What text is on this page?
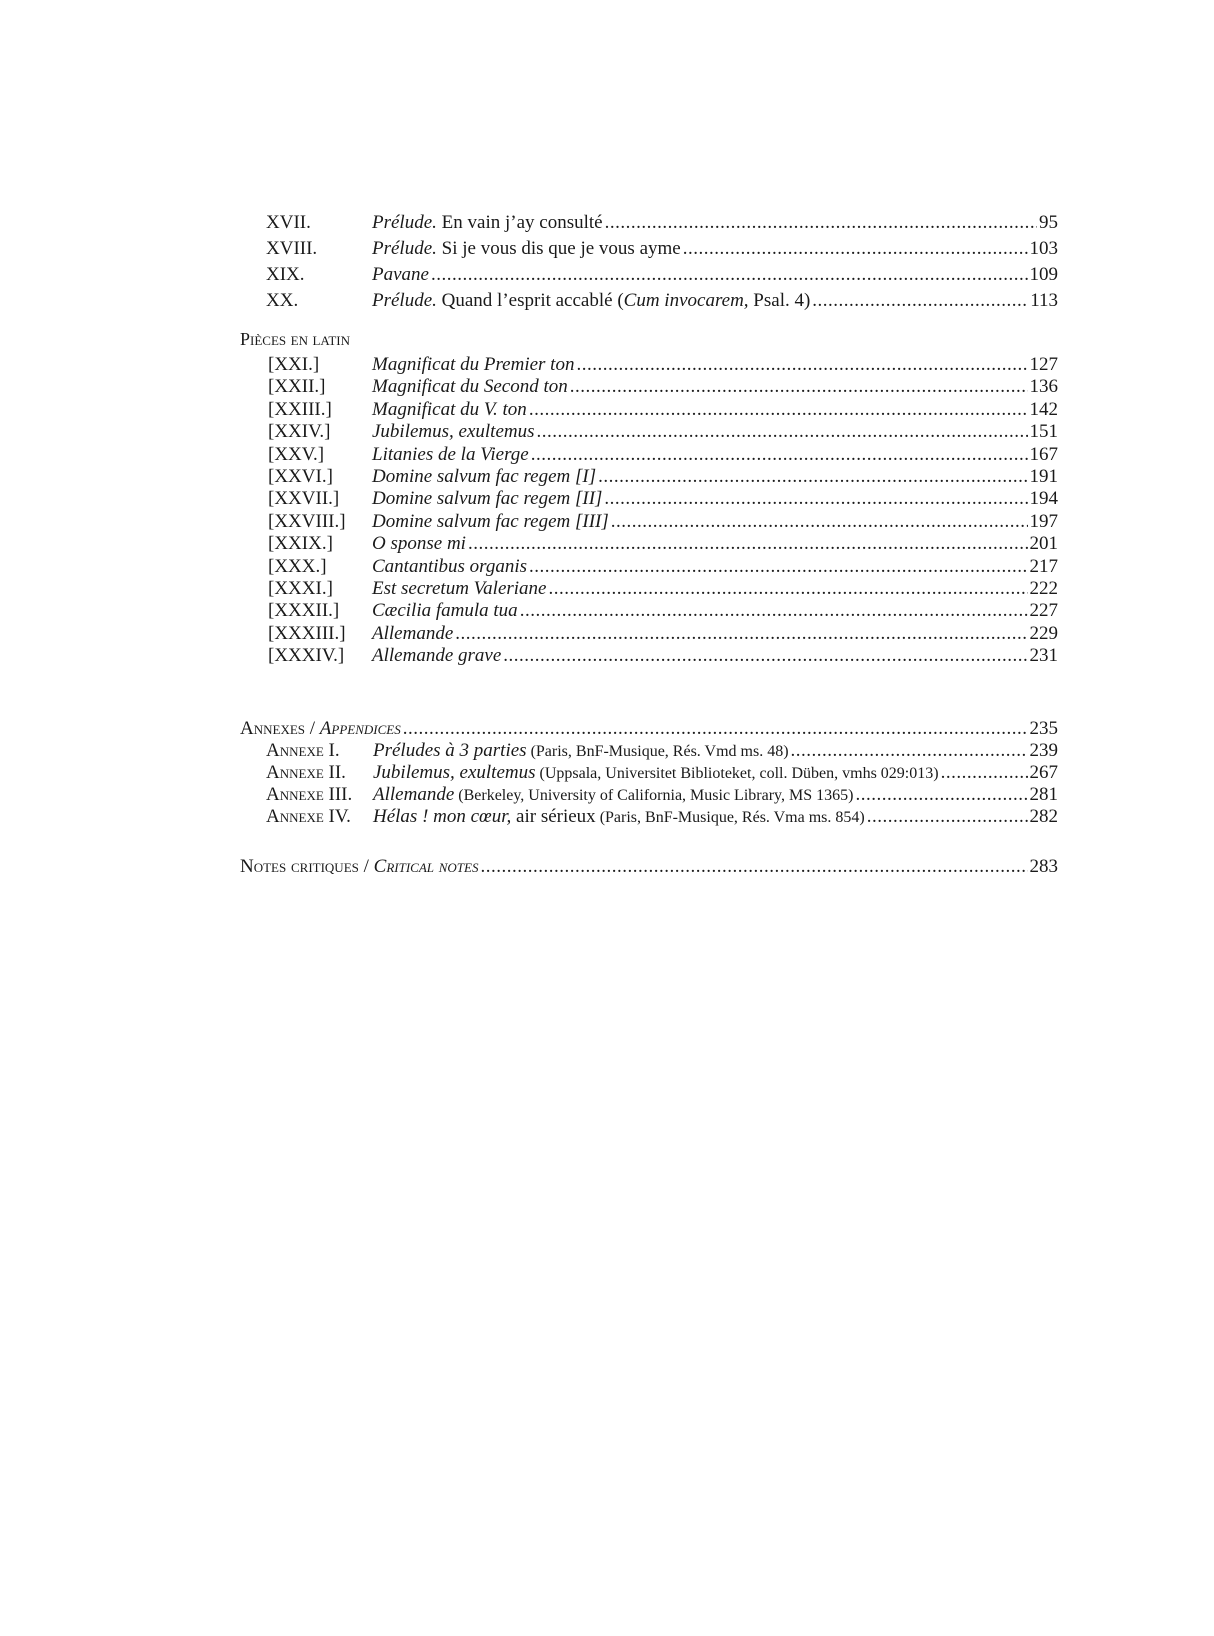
XVII.	Prélude. En vain j’ay consulté .....	95
XVIII.	Prélude. Si je vous dis que je vous ayme .....	103
XIX.	Pavane .....	109
XX.	Prélude. Quand l’esprit accablé (Cum invocarem, Psal. 4) .....	113
Pièces en latin
[XXI.]	Magnificat du Premier ton .....	127
[XXII.]	Magnificat du Second ton .....	136
[XXIII.]	Magnificat du V. ton .....	142
[XXIV.]	Jubilemus, exultemus .....	151
[XXV.]	Litanies de la Vierge .....	167
[XXVI.]	Domine salvum fac regem [I] .....	191
[XXVII.]	Domine salvum fac regem [II] .....	194
[XXVIII.]	Domine salvum fac regem [III] .....	197
[XXIX.]	O sponse mi .....	201
[XXX.]	Cantantibus organis .....	217
[XXXI.]	Est secretum Valeriane .....	222
[XXXII.]	Cæcilia famula tua .....	227
[XXXIII.]	Allemande .....	229
[XXXIV.]	Allemande grave .....	231
Annexes / Appendices .....	235
Annexe I.	Préludes à 3 parties (Paris, BnF-Musique, Rés. Vmd ms. 48) .....	239
Annexe II.	Jubilemus, exultemus (Uppsala, Universitet Biblioteket, coll. Düben, vmhs 029:013) .....	267
Annexe III.	Allemande (Berkeley, University of California, Music Library, MS 1365) .....	281
Annexe IV.	Hélas ! mon cœur, air sérieux (Paris, BnF-Musique, Rés. Vma ms. 854) .....	282
Notes critiques / Critical notes .....	283
